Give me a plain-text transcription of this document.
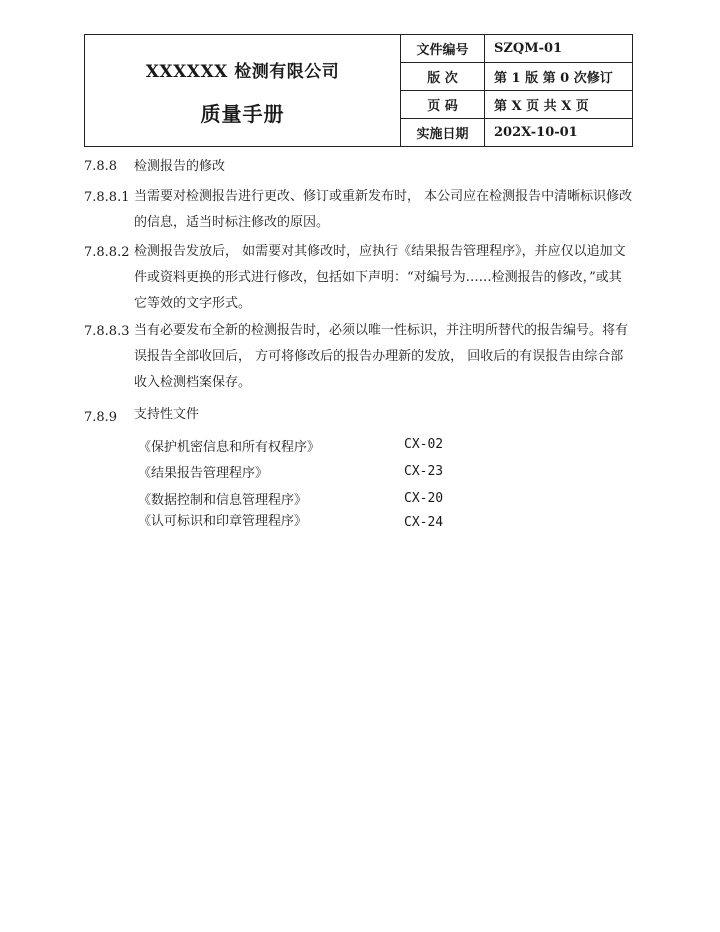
XXXXXX 检测有限公司
质量手册	文件编号	SZQM-01
	版 次	第 1 版 第 0 次修订
	页 码	第 X 页 共 X 页
	实施日期	202X-10-01
7.8.8 检测报告的修改
7.8.8.1 当需要对检测报告进行更改、修订或重新发布时， 本公司应在检测报告中清晰标识修改的信息，适当时标注修改的原因。
7.8.8.2 检测报告发放后， 如需要对其修改时，应执行《结果报告管理程序》，并应仅以追加文件或资料更换的形式进行修改，包括如下声明：“对编号为……检测报告的修改，”或其它等效的文字形式。
7.8.8.3 当有必要发布全新的检测报告时，必须以唯一性标识，并注明所替代的报告编号。将有误报告全部收回后， 方可将修改后的报告办理新的发放， 回收后的有误报告由综合部收入检测档案保存。
7.8.9 支持性文件
《保护机密信息和所有权程序》	CX-02
《结果报告管理程序》	CX-23
《数据控制和信息管理程序》	CX-20
《认可标识和印章管理程序》	CX-24
